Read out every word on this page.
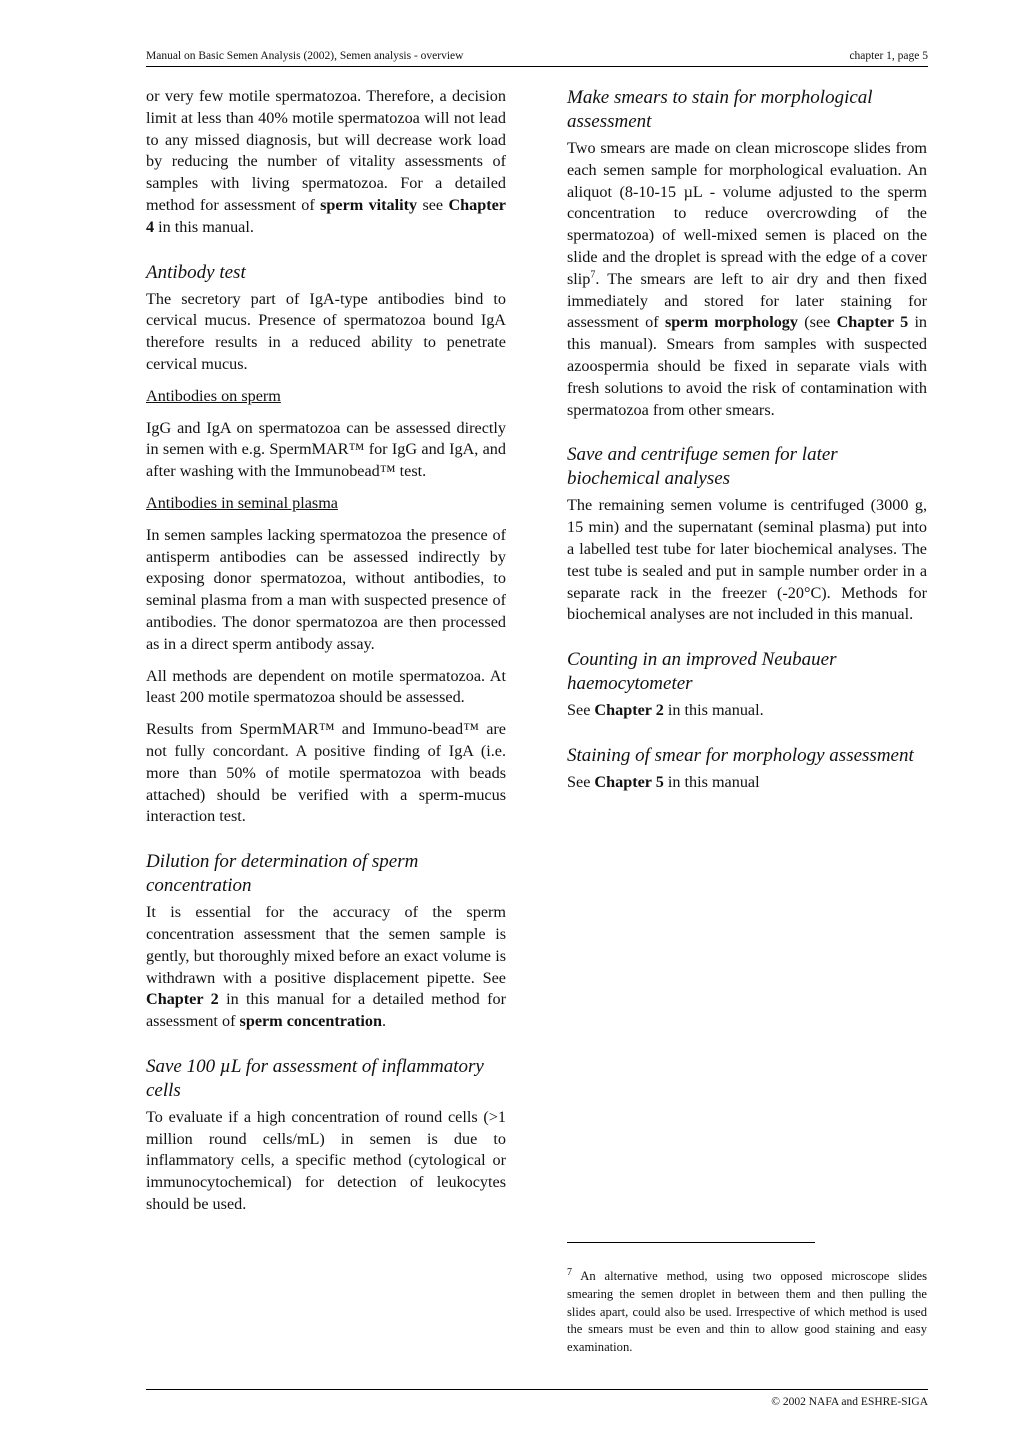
Manual on Basic Semen Analysis (2002), Semen analysis - overview	chapter 1, page 5

or very few motile spermatozoa. Therefore, a decision limit at less than 40% motile spermatozoa will not lead to any missed diagnosis, but will decrease work load by reducing the number of vitality assessments of samples with living spermatozoa. For a detailed method for assessment of sperm vitality see Chapter 4 in this manual.

Antibody test

The secretory part of IgA-type antibodies bind to cervical mucus. Presence of spermatozoa bound IgA therefore results in a reduced ability to penetrate cervical mucus.

Antibodies on sperm

IgG and IgA on spermatozoa can be assessed directly in semen with e.g. SpermMAR™ for IgG and IgA, and after washing with the Immunobead™ test.

Antibodies in seminal plasma

In semen samples lacking spermatozoa the presence of antisperm antibodies can be assessed indirectly by exposing donor spermatozoa, without antibodies, to seminal plasma from a man with suspected presence of antibodies. The donor spermatozoa are then processed as in a direct sperm antibody assay.

All methods are dependent on motile spermatozoa. At least 200 motile spermatozoa should be assessed.

Results from SpermMAR™ and Immuno-bead™ are not fully concordant. A positive finding of IgA (i.e. more than 50% of motile spermatozoa with beads attached) should be verified with a sperm-mucus interaction test.

Dilution for determination of sperm concentration

It is essential for the accuracy of the sperm concentration assessment that the semen sample is gently, but thoroughly mixed before an exact volume is withdrawn with a positive displacement pipette. See Chapter 2 in this manual for a detailed method for assessment of sperm concentration.

Save 100 µL for assessment of inflammatory cells

To evaluate if a high concentration of round cells (>1 million round cells/mL) in semen is due to inflammatory cells, a specific method (cytological or immunocytochemical) for detection of leukocytes should be used.

Make smears to stain for morphological assessment

Two smears are made on clean microscope slides from each semen sample for morphological evaluation. An aliquot (8-10-15 µL - volume adjusted to the sperm concentration to reduce overcrowding of the spermatozoa) of well-mixed semen is placed on the slide and the droplet is spread with the edge of a cover slip$^7$. The smears are left to air dry and then fixed immediately and stored for later staining for assessment of sperm morphology (see Chapter 5 in this manual). Smears from samples with suspected azoospermia should be fixed in separate vials with fresh solutions to avoid the risk of contamination with spermatozoa from other smears.

Save and centrifuge semen for later biochemical analyses

The remaining semen volume is centrifuged (3000 g, 15 min) and the supernatant (seminal plasma) put into a labelled test tube for later biochemical analyses. The test tube is sealed and put in sample number order in a separate rack in the freezer (-20°C). Methods for biochemical analyses are not included in this manual.

Counting in an improved Neubauer haemocytometer

See Chapter 2 in this manual.

Staining of smear for morphology assessment

See Chapter 5 in this manual

$^7$ An alternative method, using two opposed microscope slides smearing the semen droplet in between them and then pulling the slides apart, could also be used. Irrespective of which method is used the smears must be even and thin to allow good staining and easy examination.
© 2002 NAFA and ESHRE-SIGA
